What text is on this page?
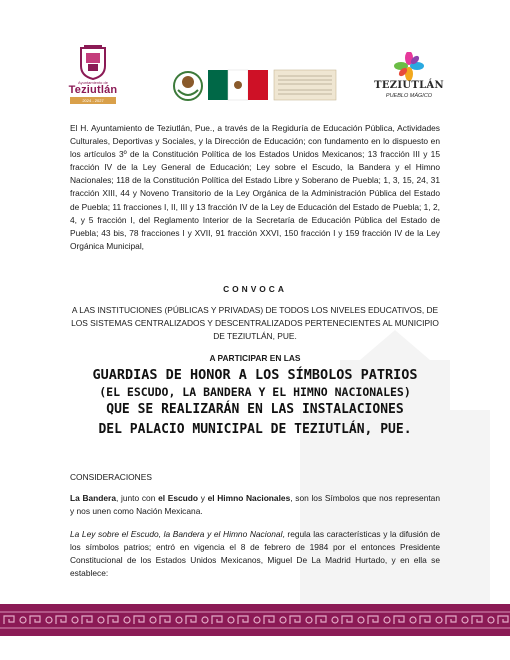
Ayuntamiento de
Teziutlán
2024 - 2027
TEZIUTLÁN
PUEBLO MÁGICO
El H. Ayuntamiento de Teziutlán, Pue., a través de la Regiduría de Educación Pública, Actividades Culturales, Deportivas y Sociales, y la Dirección de Educación; con fundamento en lo dispuesto en los artículos 3º de la Constitución Política de los Estados Unidos Mexicanos; 13 fracción III y 15 fracción IV de la Ley General de Educación; Ley sobre el Escudo, la Bandera y el Himno Nacionales; 118 de la Constitución Política del Estado Libre y Soberano de Puebla; 1, 3, 15, 24, 31 fracción XIII, 44 y Noveno Transitorio de la Ley Orgánica de la Administración Pública del Estado de Puebla; 11 fracciones I, II, III y 13 fracción IV de la Ley de Educación del Estado de Puebla; 1, 2, 4, y 5 fracción I, del Reglamento Interior de la Secretaría de Educación Pública del Estado de Puebla; 43 bis, 78 fracciones I y XVII, 91 fracción XXVI, 150 fracción I y 159 fracción IV de la Ley Orgánica Municipal,
CONVOCA
A LAS INSTITUCIONES (PÚBLICAS Y PRIVADAS) DE TODOS LOS NIVELES EDUCATIVOS, DE LOS SISTEMAS CENTRALIZADOS Y DESCENTRALIZADOS PERTENECIENTES AL MUNICIPIO DE TEZIUTLÁN, PUE.
A PARTICIPAR EN LAS
GUARDIAS DE HONOR A LOS SÍMBOLOS PATRIOS
(EL ESCUDO, LA BANDERA Y EL HIMNO NACIONALES)
QUE SE REALIZARÁN EN LAS INSTALACIONES
DEL PALACIO MUNICIPAL DE TEZIUTLÁN, PUE.
CONSIDERACIONES
La Bandera, junto con el Escudo y el Himno Nacionales, son los Símbolos que nos representan y nos unen como Nación Mexicana.
La Ley sobre el Escudo, la Bandera y el Himno Nacional, regula las características y la difusión de los símbolos patrios; entró en vigencia el 8 de febrero de 1984 por el entonces Presidente Constitucional de los Estados Unidos Mexicanos, Miguel De La Madrid Hurtado, y en ella se establece:
